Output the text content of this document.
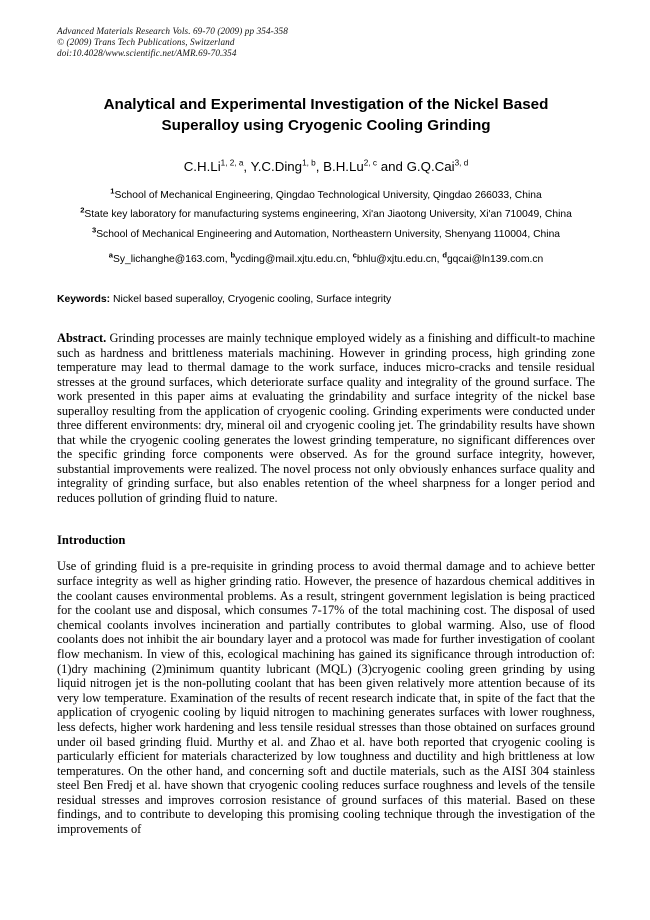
Advanced Materials Research Vols. 69-70 (2009) pp 354-358
© (2009) Trans Tech Publications, Switzerland
doi:10.4028/www.scientific.net/AMR.69-70.354
Analytical and Experimental Investigation of the Nickel Based Superalloy using Cryogenic Cooling Grinding
C.H.Li$^{1, 2, a}$, Y.C.Ding$^{1, b}$, B.H.Lu$^{2, c}$ and G.Q.Cai$^{3, d}$
$^1$School of Mechanical Engineering, Qingdao Technological University, Qingdao 266033, China
$^2$State key laboratory for manufacturing systems engineering, Xi'an Jiaotong University, Xi'an 710049, China
$^3$School of Mechanical Engineering and Automation, Northeastern University, Shenyang 110004, China
$^a$Sy_lichanghe@163.com, $^b$ycding@mail.xjtu.edu.cn, $^c$bhlu@xjtu.edu.cn, $^d$gqcai@ln139.com.cn
Keywords: Nickel based superalloy, Cryogenic cooling, Surface integrity
Abstract. Grinding processes are mainly technique employed widely as a finishing and difficult-to machine such as hardness and brittleness materials machining. However in grinding process, high grinding zone temperature may lead to thermal damage to the work surface, induces micro-cracks and tensile residual stresses at the ground surfaces, which deteriorate surface quality and integrality of the ground surface. The work presented in this paper aims at evaluating the grindability and surface integrity of the nickel base superalloy resulting from the application of cryogenic cooling. Grinding experiments were conducted under three different environments: dry, mineral oil and cryogenic cooling jet. The grindability results have shown that while the cryogenic cooling generates the lowest grinding temperature, no significant differences over the specific grinding force components were observed. As for the ground surface integrity, however, substantial improvements were realized. The novel process not only obviously enhances surface quality and integrality of grinding surface, but also enables retention of the wheel sharpness for a longer period and reduces pollution of grinding fluid to nature.
Introduction
Use of grinding fluid is a pre-requisite in grinding process to avoid thermal damage and to achieve better surface integrity as well as higher grinding ratio. However, the presence of hazardous chemical additives in the coolant causes environmental problems. As a result, stringent government legislation is being practiced for the coolant use and disposal, which consumes 7-17% of the total machining cost. The disposal of used chemical coolants involves incineration and partially contributes to global warming. Also, use of flood coolants does not inhibit the air boundary layer and a protocol was made for further investigation of coolant flow mechanism. In view of this, ecological machining has gained its significance through introduction of: (1)dry machining (2)minimum quantity lubricant (MQL) (3)cryogenic cooling green grinding by using liquid nitrogen jet is the non-polluting coolant that has been given relatively more attention because of its very low temperature. Examination of the results of recent research indicate that, in spite of the fact that the application of cryogenic cooling by liquid nitrogen to machining generates surfaces with lower roughness, less defects, higher work hardening and less tensile residual stresses than those obtained on surfaces ground under oil based grinding fluid. Murthy et al. and Zhao et al. have both reported that cryogenic cooling is particularly efficient for materials characterized by low toughness and ductility and high brittleness at low temperatures. On the other hand, and concerning soft and ductile materials, such as the AISI 304 stainless steel Ben Fredj et al. have shown that cryogenic cooling reduces surface roughness and levels of the tensile residual stresses and improves corrosion resistance of ground surfaces of this material. Based on these findings, and to contribute to developing this promising cooling technique through the investigation of the improvements of
